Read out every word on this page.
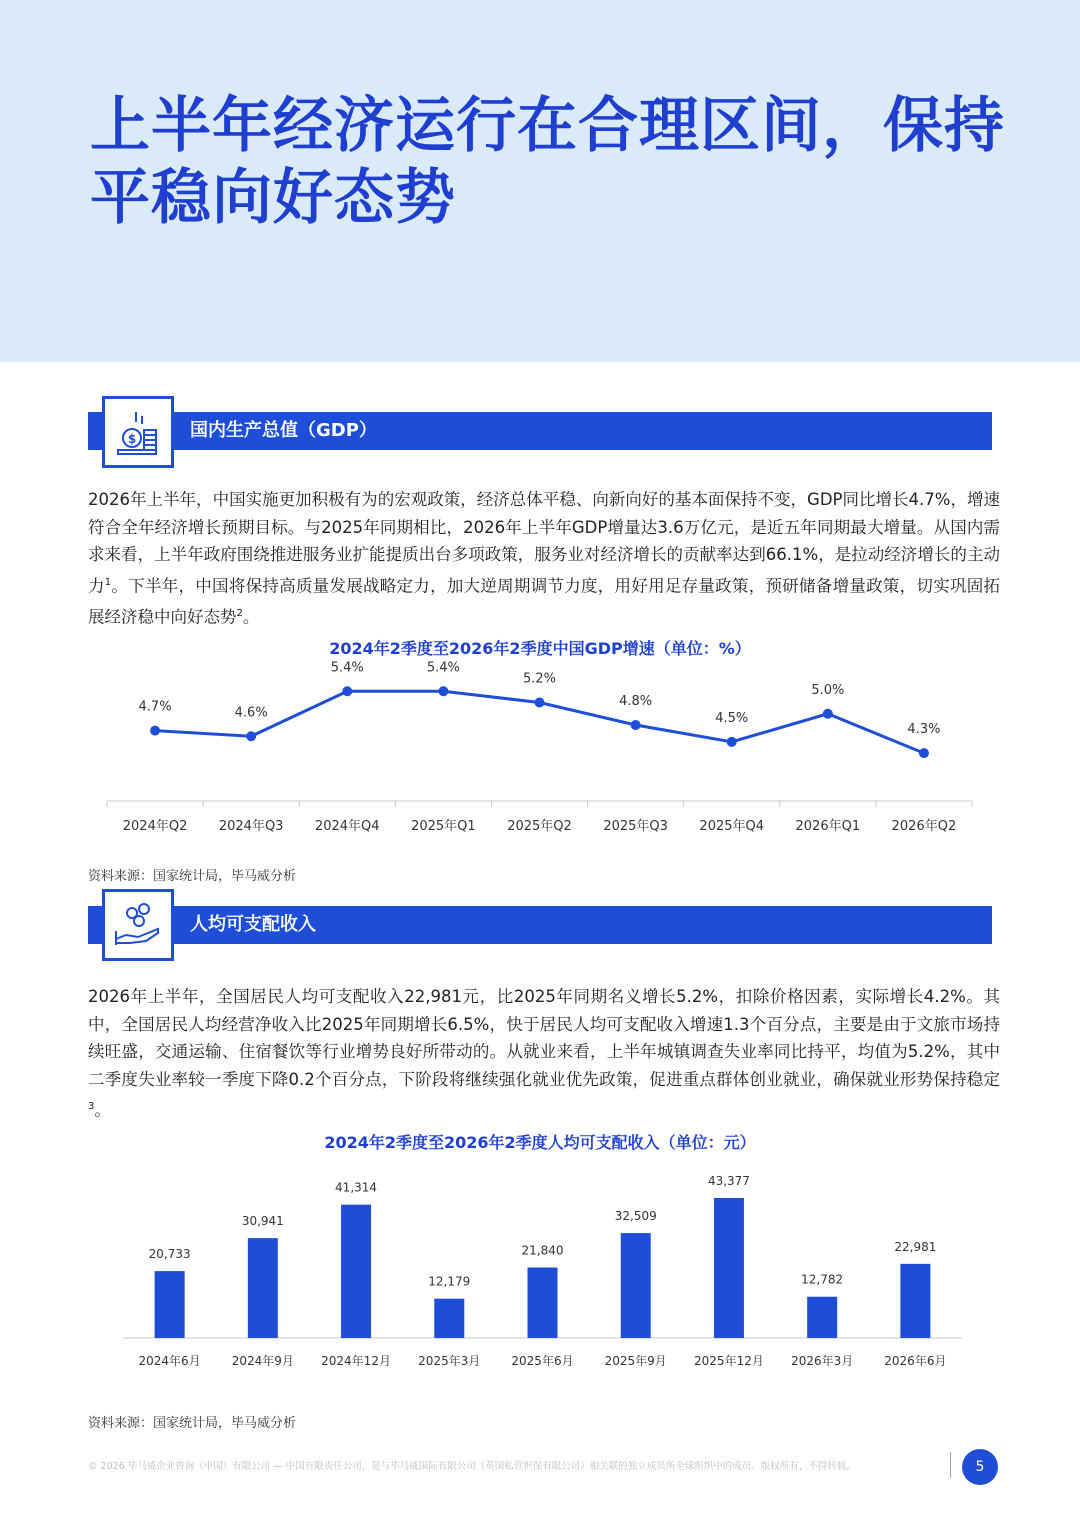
上半年经济运行在合理区间，保持平稳向好态势
$	国内生产总值（GDP）
2026年上半年，中国实施更加积极有为的宏观政策，经济总体平稳、向新向好的基本面保持不变，GDP同比增长4.7%，增速符合全年经济增长预期目标。与2025年同期相比，2026年上半年GDP增量达3.6万亿元，是近五年同期最大增量。从国内需求来看，上半年政府围绕推进服务业扩能提质出台多项政策，服务业对经济增长的贡献率达到66.1%，是拉动经济增长的主动力$^1$。下半年，中国将保持高质量发展战略定力，加大逆周期调节力度，用好用足存量政策，预研储备增量政策，切实巩固拓展经济稳中向好态势$^2$。
2024年2季度至2026年2季度中国GDP增速（单位：%）
4.7%
2024年Q2
4.6%
2024年Q3
5.4%
2024年Q4
5.4%
2025年Q1
5.2%
2025年Q2
4.8%
2025年Q3
4.5%
2025年Q4
5.0%
2026年Q1
4.3%
2026年Q2
资料来源：国家统计局，毕马威分析
人均可支配收入
2026年上半年，全国居民人均可支配收入22,981元，比2025年同期名义增长5.2%，扣除价格因素，实际增长4.2%。其中，全国居民人均经营净收入比2025年同期增长6.5%，快于居民人均可支配收入增速1.3个百分点，主要是由于文旅市场持续旺盛，交通运输、住宿餐饮等行业增势良好所带动的。从就业来看，上半年城镇调查失业率同比持平，均值为5.2%，其中二季度失业率较一季度下降0.2个百分点，下阶段将继续强化就业优先政策，促进重点群体创业就业，确保就业形势保持稳定$^3$。
2024年2季度至2026年2季度人均可支配收入（单位：元）
20,733
2024年6月
30,941
2024年9月
41,314
2024年12月
12,179
2025年3月
21,840
2025年6月
32,509
2025年9月
43,377
2025年12月
12,782
2026年3月
22,981
2026年6月
资料来源：国家统计局，毕马威分析
© 2026 毕马威企业咨询（中国）有限公司 — 中国有限责任公司，是与毕马威国际有限公司（英国私营担保有限公司）相关联的独立成员所全球组织中的成员。版权所有，不得转载。	5
